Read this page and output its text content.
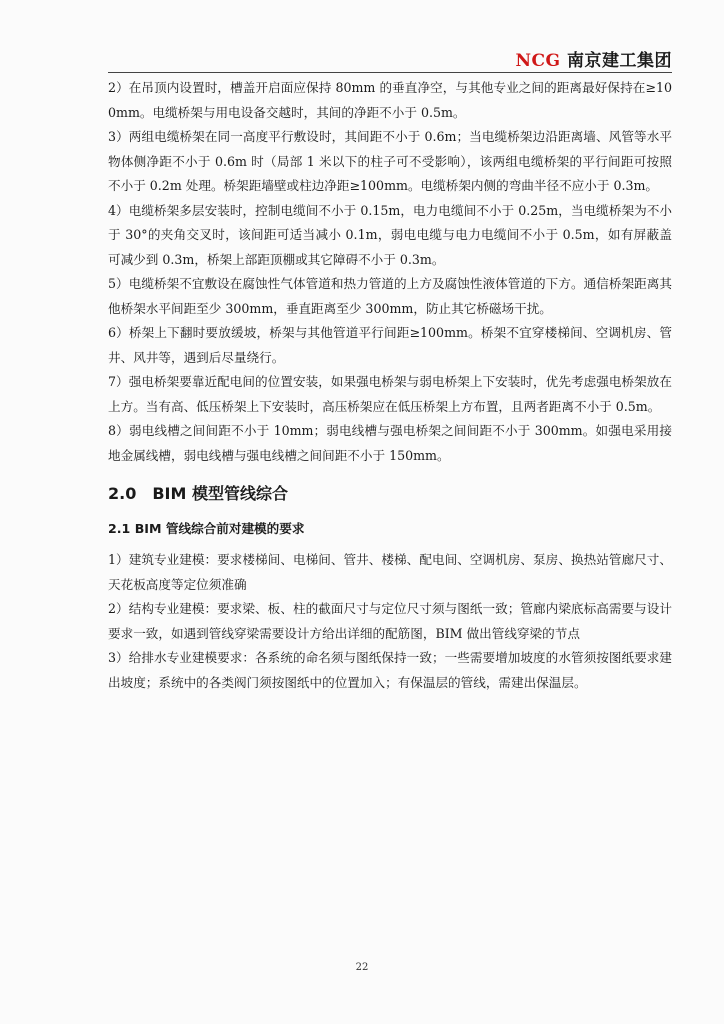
NCG 南京建工集团

2）在吊顶内设置时，槽盖开启面应保持 80mm 的垂直净空，与其他专业之间的距离最好保持在≥100mm。电缆桥架与用电设备交越时，其间的净距不小于 0.5m。

3）两组电缆桥架在同一高度平行敷设时，其间距不小于 0.6m；当电缆桥架边沿距离墙、风管等水平物体侧净距不小于 0.6m 时（局部 1 米以下的柱子可不受影响），该两组电缆桥架的平行间距可按照不小于 0.2m 处理。桥架距墙壁或柱边净距≥100mm。电缆桥架内侧的弯曲半径不应小于 0.3m。

4）电缆桥架多层安装时，控制电缆间不小于 0.15m，电力电缆间不小于 0.25m，当电缆桥架为不小于 30°的夹角交叉时，该间距可适当减小 0.1m，弱电电缆与电力电缆间不小于 0.5m，如有屏蔽盖可减少到 0.3m，桥架上部距顶棚或其它障碍不小于 0.3m。

5）电缆桥架不宜敷设在腐蚀性气体管道和热力管道的上方及腐蚀性液体管道的下方。通信桥架距离其他桥架水平间距至少 300mm，垂直距离至少 300mm，防止其它桥磁场干扰。

6）桥架上下翻时要放缓坡，桥架与其他管道平行间距≥100mm。桥架不宜穿楼梯间、空调机房、管井、风井等，遇到后尽量绕行。

7）强电桥架要靠近配电间的位置安装，如果强电桥架与弱电桥架上下安装时，优先考虑强电桥架放在上方。当有高、低压桥架上下安装时，高压桥架应在低压桥架上方布置，且两者距离不小于 0.5m。

8）弱电线槽之间间距不小于 10mm；弱电线槽与强电桥架之间间距不小于 300mm。如强电采用接地金属线槽，弱电线槽与强电线槽之间间距不小于 150mm。

2.0　BIM 模型管线综合
2.1 BIM 管线综合前对建模的要求

1）建筑专业建模：要求楼梯间、电梯间、管井、楼梯、配电间、空调机房、泵房、换热站管廊尺寸、天花板高度等定位须准确

2）结构专业建模：要求梁、板、柱的截面尺寸与定位尺寸须与图纸一致；管廊内梁底标高需要与设计要求一致，如遇到管线穿梁需要设计方给出详细的配筋图，BIM 做出管线穿梁的节点

3）给排水专业建模要求：各系统的命名须与图纸保持一致；一些需要增加坡度的水管须按图纸要求建出坡度；系统中的各类阀门须按图纸中的位置加入；有保温层的管线，需建出保温层。

22
